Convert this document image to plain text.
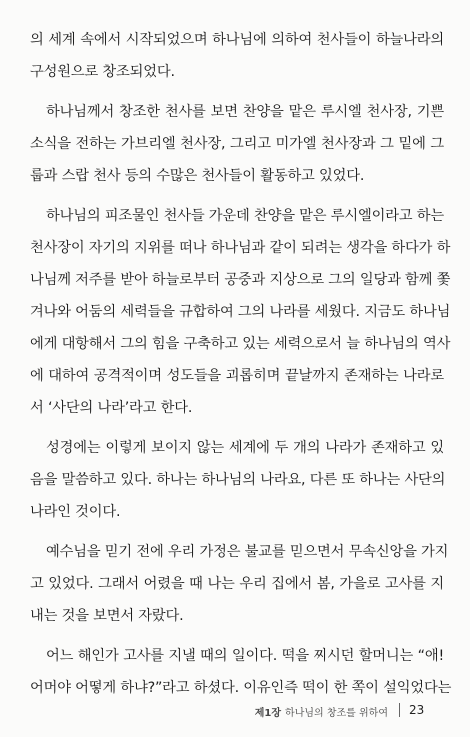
의 세계 속에서 시작되었으며 하나님에 의하여 천사들이 하늘나라의
구성원으로 창조되었다.
하나님께서 창조한 천사를 보면 찬양을 맡은 루시엘 천사장, 기쁜
소식을 전하는 가브리엘 천사장, 그리고 미가엘 천사장과 그 밑에 그
룹과 스랍 천사 등의 수많은 천사들이 활동하고 있었다.
하나님의 피조물인 천사들 가운데 찬양을 맡은 루시엘이라고 하는
천사장이 자기의 지위를 떠나 하나님과 같이 되려는 생각을 하다가 하
나님께 저주를 받아 하늘로부터 공중과 지상으로 그의 일당과 함께 쫓
겨나와 어둠의 세력들을 규합하여 그의 나라를 세웠다. 지금도 하나님
에게 대항해서 그의 힘을 구축하고 있는 세력으로서 늘 하나님의 역사
에 대하여 공격적이며 성도들을 괴롭히며 끝날까지 존재하는 나라로
서 ‘사단의 나라’라고 한다.
성경에는 이렇게 보이지 않는 세계에 두 개의 나라가 존재하고 있
음을 말씀하고 있다. 하나는 하나님의 나라요, 다른 또 하나는 사단의
나라인 것이다.
예수님을 믿기 전에 우리 가정은 불교를 믿으면서 무속신앙을 가지
고 있었다. 그래서 어렸을 때 나는 우리 집에서 봄, 가을로 고사를 지
내는 것을 보면서 자랐다.
어느 해인가 고사를 지낼 때의 일이다. 떡을 찌시던 할머니는 “애!
어머야 어떻게 하냐?”라고 하셨다. 이유인즉 떡이 한 쪽이 설익었다는
제1장 하나님의 창조를 위하여 23
